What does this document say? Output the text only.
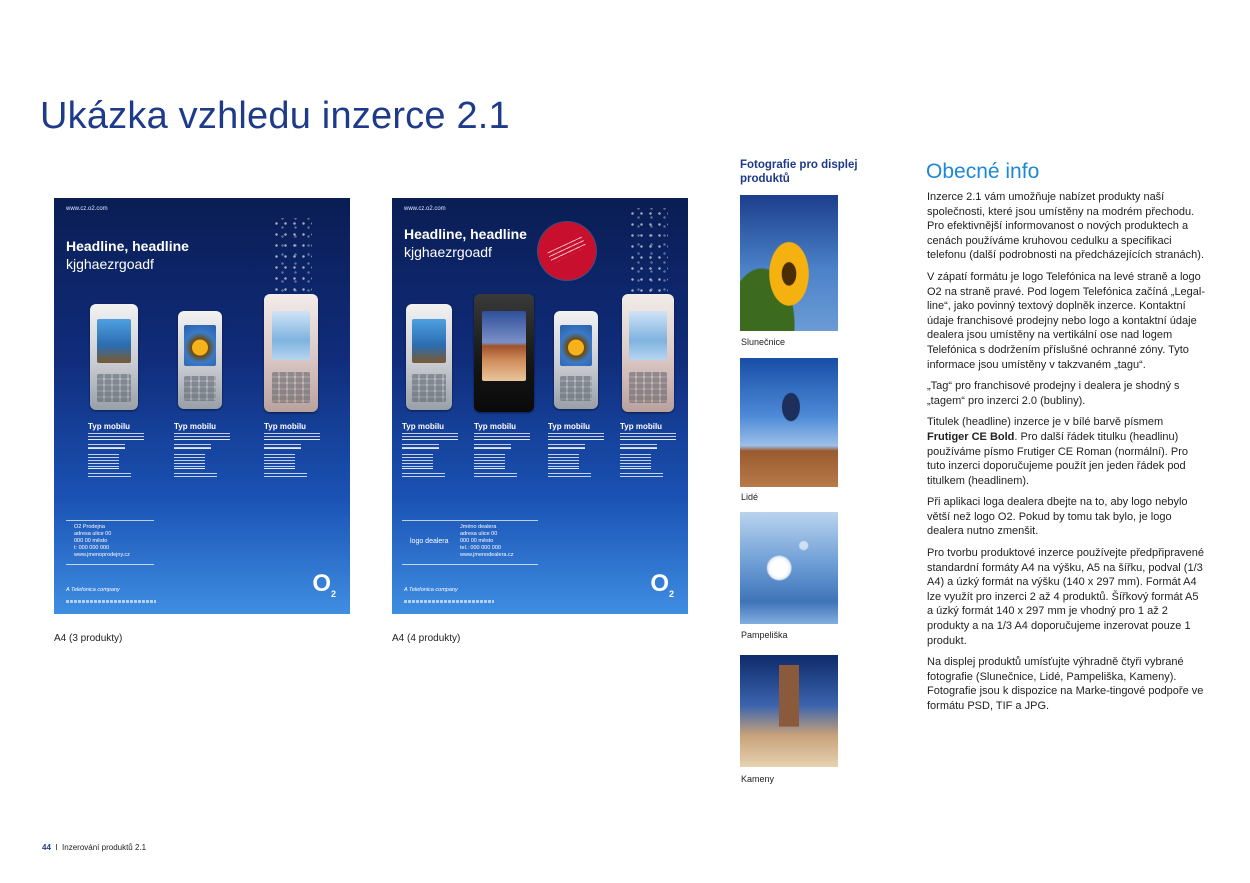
Ukázka vzhledu inzerce 2.1
www.cz.o2.com
Headline, headline
kjghaezrgoadf
Typ mobilu	Typ mobilu	Typ mobilu
O2 Prodejna
adresa ulice 00
000 00 město
t: 000 000 000
www.jmenoprodejny.cz
A Telefonica company	$O_2$
A4 (3 produkty)
www.cz.o2.com
Headline, headline
kjghaezrgoadf
Typ mobilu	Typ mobilu	Typ mobilu	Typ mobilu
logo dealera
Jméno dealera
adresa ulice 00
000 00 město
tel.: 000 000 000
www.jmenodealera.cz
A Telefonica company	$O_2$
A4 (4 produkty)
Fotografie pro displej produktů
Slunečnice
Lidé
Pampeliška
Kameny
Obecné info

Inzerce 2.1 vám umožňuje nabízet produkty naší společnosti, které jsou umístěny na modrém přechodu. Pro efektivnější informovanost o nových produktech a cenách používáme kruhovou cedulku a specifikaci telefonu (další podrobnosti na předcházejících stranách).

V zápatí formátu je logo Telefónica na levé straně a logo O2 na straně pravé. Pod logem Telefónica začíná „Legal-line“, jako povinný textový doplněk inzerce. Kontaktní údaje franchisové prodejny nebo logo a kontaktní údaje dealera jsou umístěny na vertikální ose nad logem Telefónica s dodržením příslušné ochranné zóny. Tyto informace jsou umístěny v takzvaném „tagu“.

„Tag“ pro franchisové prodejny i dealera je shodný s „tagem“ pro inzerci 2.0 (bubliny).

Titulek (headline) inzerce je v bílé barvě písmem Frutiger CE Bold. Pro další řádek titulku (headlinu) používáme písmo Frutiger CE Roman (normální). Pro tuto inzerci doporučujeme použít jen jeden řádek pod titulkem (headlinem).

Při aplikaci loga dealera dbejte na to, aby logo nebylo větší než logo O2. Pokud by tomu tak bylo, je logo dealera nutno zmenšit.

Pro tvorbu produktové inzerce používejte předpřipravené standardní formáty A4 na výšku, A5 na šířku, podval (1/3 A4) a úzký formát na výšku (140 x 297 mm). Formát A4 lze využít pro inzerci 2 až 4 produktů. Šířkový formát A5 a úzký formát 140 x 297 mm je vhodný pro 1 až 2 produkty a na 1/3 A4 doporučujeme inzerovat pouze 1 produkt.

Na displej produktů umísťujte výhradně čtyři vybrané fotografie (Slunečnice, Lidé, Pampeliška, Kameny). Fotografie jsou k dispozice na Marke-tingové podpoře ve formátu PSD, TIF a JPG.

44 I Inzerování produktů 2.1
